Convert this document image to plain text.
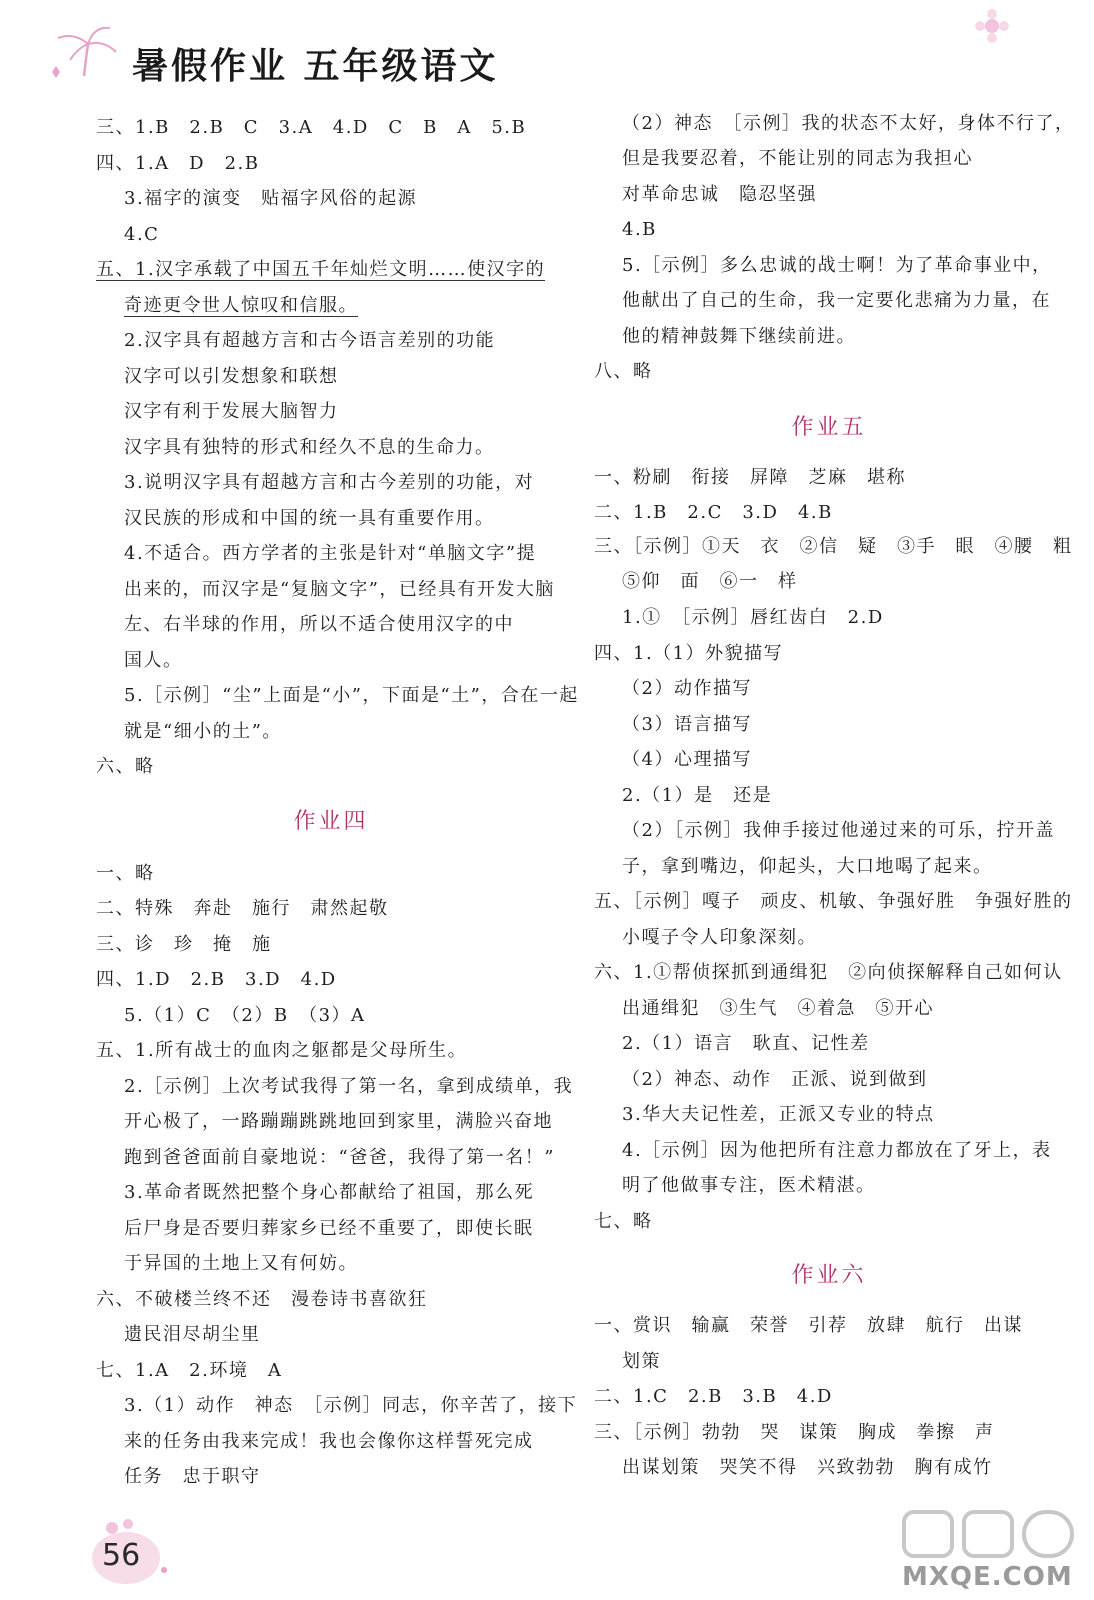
暑假作业 五年级语文
三、1.B　2.B　C　3.A　4.D　C　B　A　5.B
四、1.A　D　2.B
3.福字的演变　贴福字风俗的起源
4.C
五、1.汉字承载了中国五千年灿烂文明……使汉字的
奇迹更令世人惊叹和信服。
2.汉字具有超越方言和古今语言差别的功能
汉字可以引发想象和联想
汉字有利于发展大脑智力
汉字具有独特的形式和经久不息的生命力。
3.说明汉字具有超越方言和古今差别的功能，对
汉民族的形成和中国的统一具有重要作用。
4.不适合。西方学者的主张是针对“单脑文字”提
出来的，而汉字是“复脑文字”，已经具有开发大脑
左、右半球的作用，所以不适合使用汉字的中
国人。
5.［示例］“尘”上面是“小”，下面是“土”，合在一起
就是“细小的土”。
六、略
作业四
一、略
二、特殊　奔赴　施行　肃然起敬
三、诊　珍　掩　施
四、1.D　2.B　3.D　4.D
5.（1）C　（2）B　（3）A
五、1.所有战士的血肉之躯都是父母所生。
2.［示例］上次考试我得了第一名，拿到成绩单，我
开心极了，一路蹦蹦跳跳地回到家里，满脸兴奋地
跑到爸爸面前自豪地说：“爸爸，我得了第一名！”
3.革命者既然把整个身心都献给了祖国，那么死
后尸身是否要归葬家乡已经不重要了，即使长眠
于异国的土地上又有何妨。
六、不破楼兰终不还　漫卷诗书喜欲狂
遗民泪尽胡尘里
七、1.A　2.环境　A
3.（1）动作　神态　［示例］同志，你辛苦了，接下
来的任务由我来完成！我也会像你这样誓死完成
任务　忠于职守
（2）神态　［示例］我的状态不太好，身体不行了，
但是我要忍着，不能让别的同志为我担心
对革命忠诚　隐忍坚强
4.B
5.［示例］多么忠诚的战士啊！为了革命事业中，
他献出了自己的生命，我一定要化悲痛为力量，在
他的精神鼓舞下继续前进。
八、略
作业五
一、粉刷　衔接　屏障　芝麻　堪称
二、1.B　2.C　3.D　4.B
三、［示例］①天　衣　②信　疑　③手　眼　④腰　粗
⑤仰　面　⑥一　样
1.①　［示例］唇红齿白　2.D
四、1.（1）外貌描写
（2）动作描写
（3）语言描写
（4）心理描写
2.（1）是　还是
（2）［示例］我伸手接过他递过来的可乐，拧开盖
子，拿到嘴边，仰起头，大口地喝了起来。
五、［示例］嘎子　顽皮、机敏、争强好胜　争强好胜的
小嘎子令人印象深刻。
六、1.①帮侦探抓到通缉犯　②向侦探解释自己如何认
出通缉犯　③生气　④着急　⑤开心
2.（1）语言　耿直、记性差
（2）神态、动作　正派、说到做到
3.华大夫记性差，正派又专业的特点
4.［示例］因为他把所有注意力都放在了牙上，表
明了他做事专注，医术精湛。
七、略
作业六
一、赏识　输赢　荣誉　引荐　放肆　航行　出谋
划策
二、1.C　2.B　3.B　4.D
三、［示例］勃勃　哭　谋策　胸成　拳擦　声
出谋划策　哭笑不得　兴致勃勃　胸有成竹
56
MXQE.COM
